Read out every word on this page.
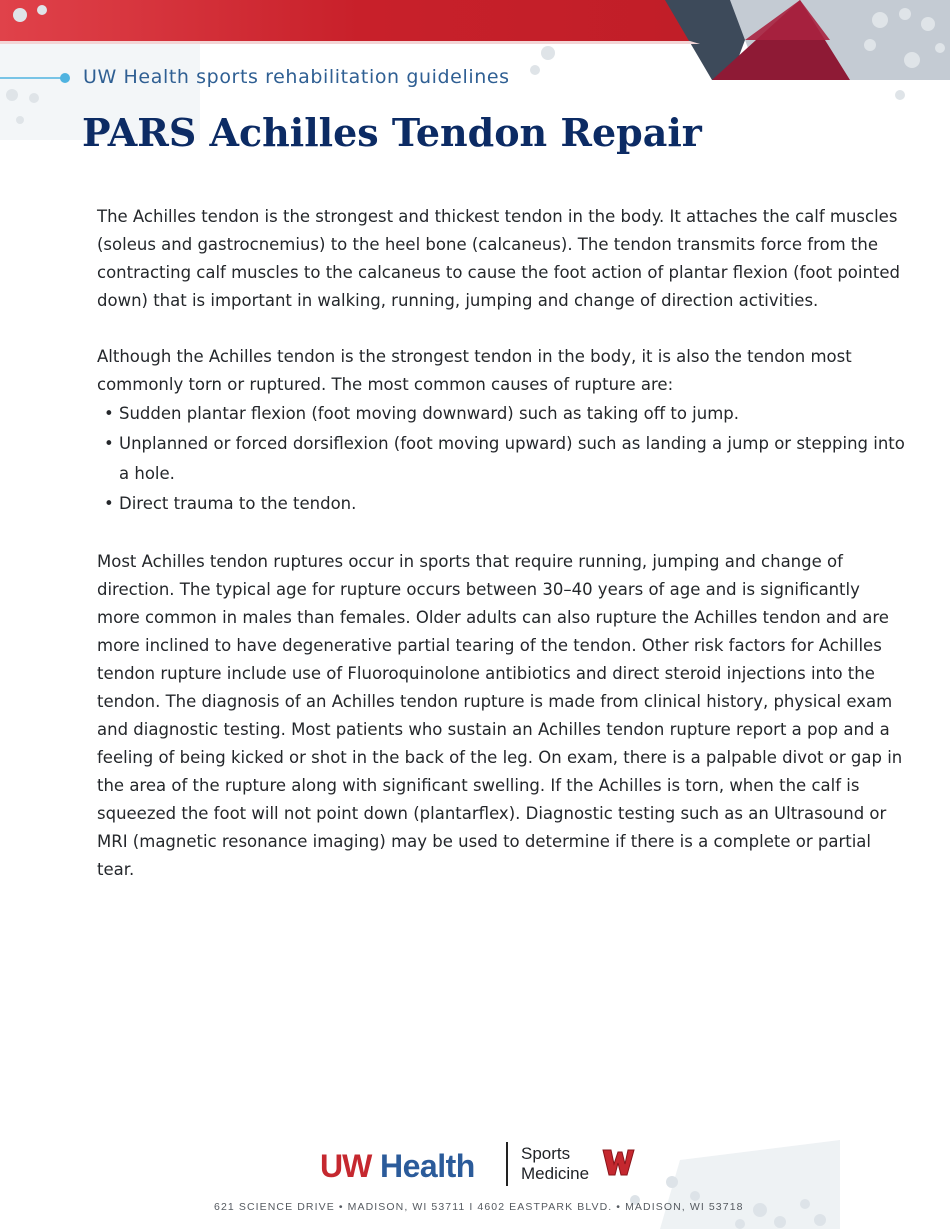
UW Health sports rehabilitation guidelines
PARS Achilles Tendon Repair

The Achilles tendon is the strongest and thickest tendon in the body. It attaches the calf muscles (soleus and gastrocnemius) to the heel bone (calcaneus). The tendon transmits force from the contracting calf muscles to the calcaneus to cause the foot action of plantar flexion (foot pointed down) that is important in walking, running, jumping and change of direction activities.

Although the Achilles tendon is the strongest tendon in the body, it is also the tendon most commonly torn or ruptured. The most common causes of rupture are:

• Sudden plantar flexion (foot moving downward) such as taking off to jump.
• Unplanned or forced dorsiflexion (foot moving upward) such as landing a jump or stepping into a hole.
• Direct trauma to the tendon.

Most Achilles tendon ruptures occur in sports that require running, jumping and change of direction. The typical age for rupture occurs between 30–40 years of age and is significantly more common in males than females. Older adults can also rupture the Achilles tendon and are more inclined to have degenerative partial tearing of the tendon. Other risk factors for Achilles tendon rupture include use of Fluoroquinolone antibiotics and direct steroid injections into the tendon. The diagnosis of an Achilles tendon rupture is made from clinical history, physical exam and diagnostic testing. Most patients who sustain an Achilles tendon rupture report a pop and a feeling of being kicked or shot in the back of the leg. On exam, there is a palpable divot or gap in the area of the rupture along with significant swelling. If the Achilles is torn, when the calf is squeezed the foot will not point down (plantarflex). Diagnostic testing such as an Ultrasound or MRI (magnetic resonance imaging) may be used to determine if there is a complete or partial tear.

UW Health	Sports
Medicine
621 SCIENCE DRIVE • MADISON, WI 53711 I 4602 EASTPARK BLVD. • MADISON, WI 53718
